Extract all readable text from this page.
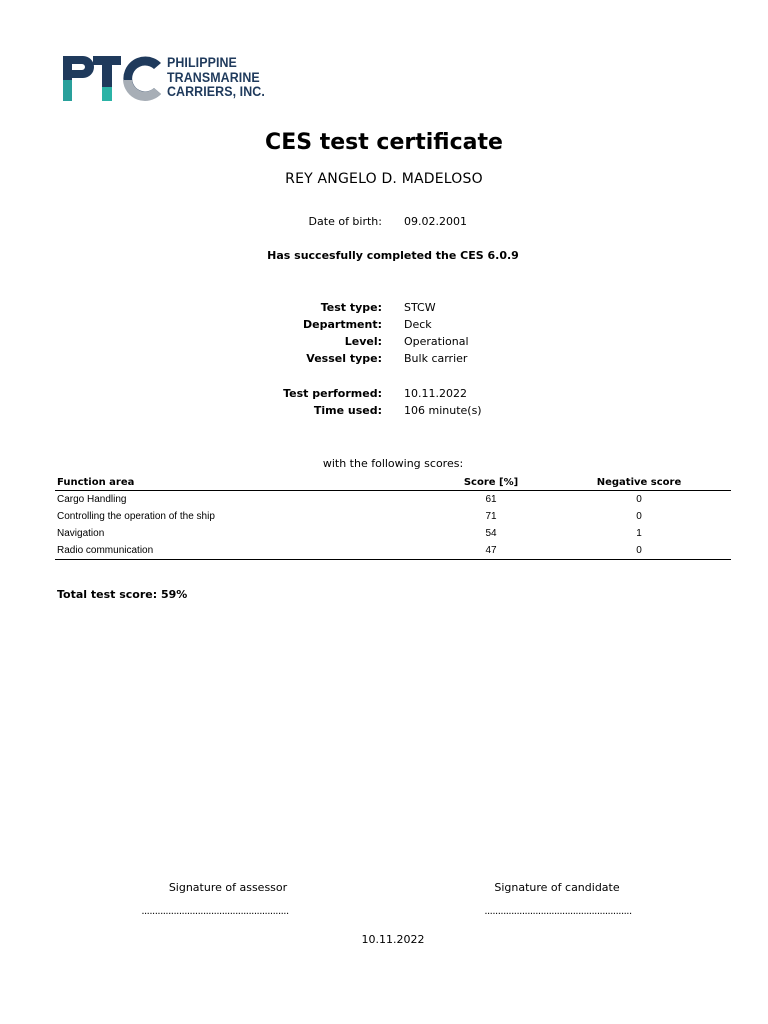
PHILIPPINE
TRANSMARINE
CARRIERS, INC.
CES test certificate
REY ANGELO D. MADELOSO
Date of birth: 09.02.2001
Has succesfully completed the CES 6.0.9
Test type: STCW
Department: Deck
Level: Operational
Vessel type: Bulk carrier
Test performed: 10.11.2022
Time used: 106 minute(s)
with the following scores:
Function area	Score [%]	Negative score
Cargo Handling	61	0
Controlling the operation of the ship	71	0
Navigation	54	1
Radio communication	47	0
Total test score: 59%
Signature of assessor	Signature of candidate
.......................................................	.......................................................
10.11.2022
